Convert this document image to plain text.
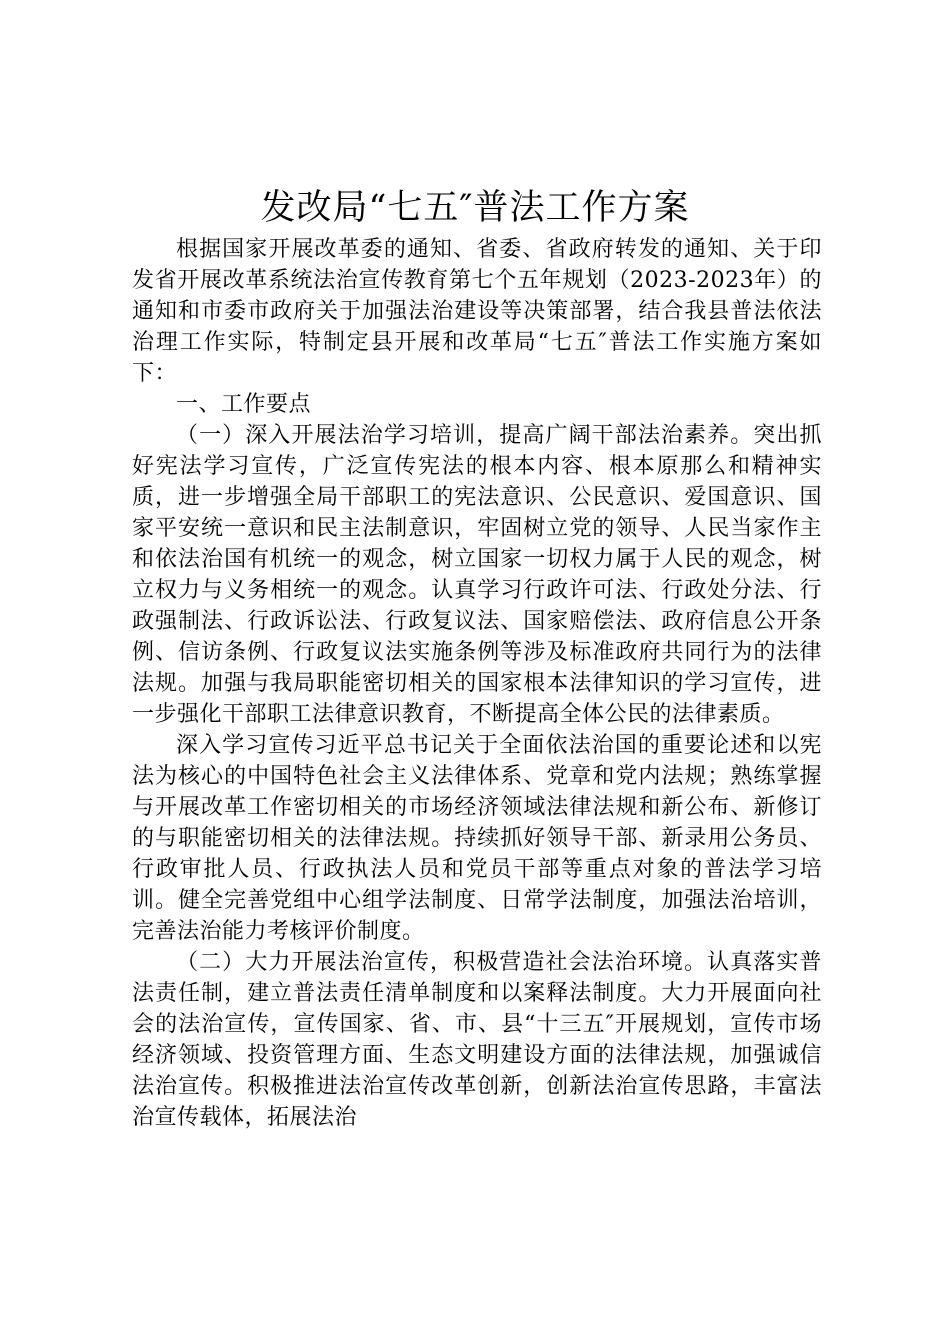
发改局“七五″普法工作方案

根据国家开展改革委的通知、省委、省政府转发的通知、关于印发省开展改革系统法治宣传教育第七个五年规划（2023-2023年）的通知和市委市政府关于加强法治建设等决策部署，结合我县普法依法治理工作实际，特制定县开展和改革局“七五″普法工作实施方案如下：

一、工作要点

（一）深入开展法治学习培训，提高广阔干部法治素养。突出抓好宪法学习宣传，广泛宣传宪法的根本内容、根本原那么和精神实质，进一步增强全局干部职工的宪法意识、公民意识、爱国意识、国家平安统一意识和民主法制意识，牢固树立党的领导、人民当家作主和依法治国有机统一的观念，树立国家一切权力属于人民的观念，树立权力与义务相统一的观念。认真学习行政许可法、行政处分法、行政强制法、行政诉讼法、行政复议法、国家赔偿法、政府信息公开条例、信访条例、行政复议法实施条例等涉及标准政府共同行为的法律法规。加强与我局职能密切相关的国家根本法律知识的学习宣传，进一步强化干部职工法律意识教育，不断提高全体公民的法律素质。

深入学习宣传习近平总书记关于全面依法治国的重要论述和以宪法为核心的中国特色社会主义法律体系、党章和党内法规；熟练掌握与开展改革工作密切相关的市场经济领域法律法规和新公布、新修订的与职能密切相关的法律法规。持续抓好领导干部、新录用公务员、行政审批人员、行政执法人员和党员干部等重点对象的普法学习培训。健全完善党组中心组学法制度、日常学法制度，加强法治培训，完善法治能力考核评价制度。

（二）大力开展法治宣传，积极营造社会法治环境。认真落实普法责任制，建立普法责任清单制度和以案释法制度。大力开展面向社会的法治宣传，宣传国家、省、市、县“十三五″开展规划，宣传市场经济领域、投资管理方面、生态文明建设方面的法律法规，加强诚信法治宣传。积极推进法治宣传改革创新，创新法治宣传思路，丰富法治宣传载体，拓展法治
